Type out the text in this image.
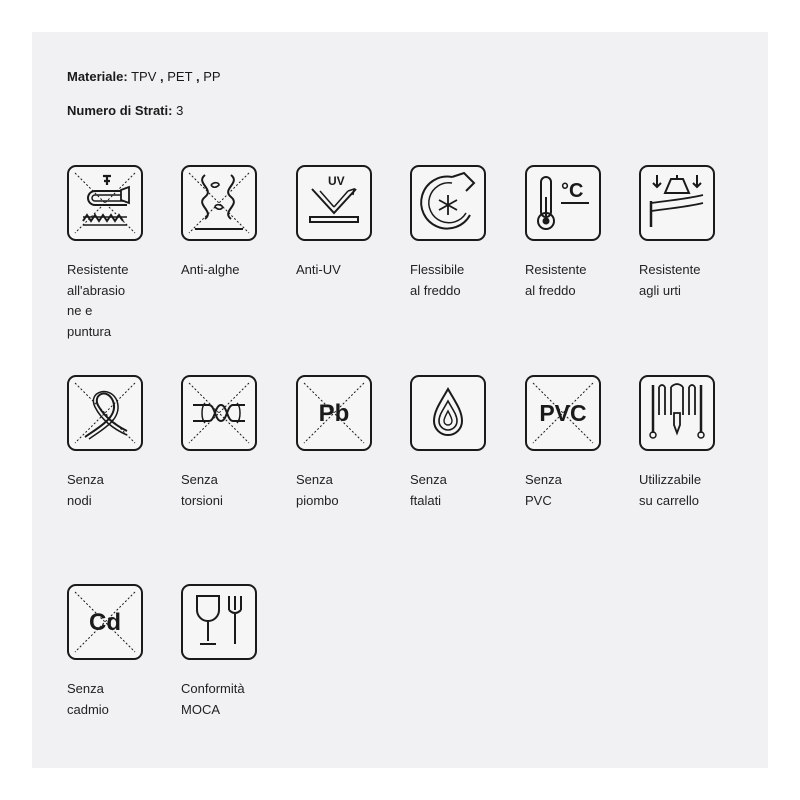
Materiale: TPV , PET , PP
Numero di Strati: 3
Resistente
all'abrasio
ne e
puntura
Anti-alghe
UV
Anti-UV	Flessibile
al freddo
°C
Resistente
al freddo
Resistente
agli urti
Senza
nodi
Senza
torsioni
Pb
Senza
piombo
Senza
ftalati
PVC
Senza
PVC
Utilizzabile
su carrello
Cd
Senza
cadmio
Conformità
MOCA
